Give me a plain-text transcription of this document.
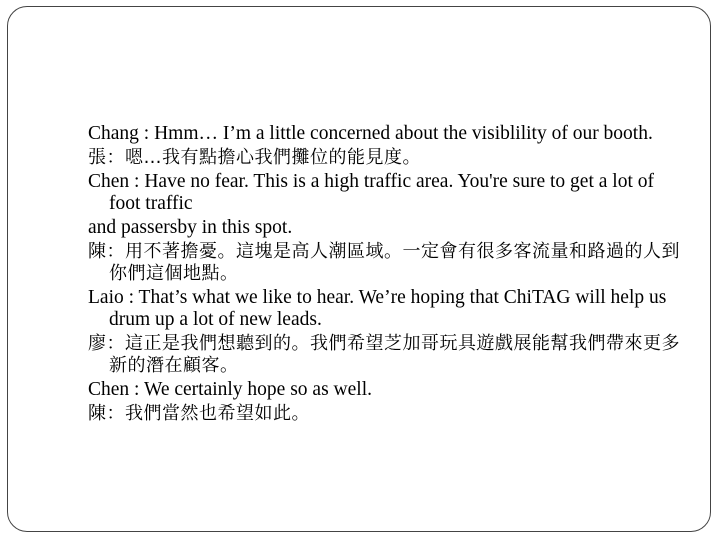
Chang : Hmm… I’m a little concerned about the visiblility of our booth.
張：嗯…我有點擔心我們攤位的能見度。
Chen : Have no fear. This is a high traffic area. You're sure to get a lot of foot traffic
and passersby in this spot.
陳：用不著擔憂。這塊是高人潮區域。一定會有很多客流量和路過的人到你們這個地點。
Laio : That’s what we like to hear. We’re hoping that ChiTAG will help us drum up a lot of new leads.
廖：這正是我們想聽到的。我們希望芝加哥玩具遊戲展能幫我們帶來更多新的潛在顧客。
Chen : We certainly hope so as well.
陳：我們當然也希望如此。
